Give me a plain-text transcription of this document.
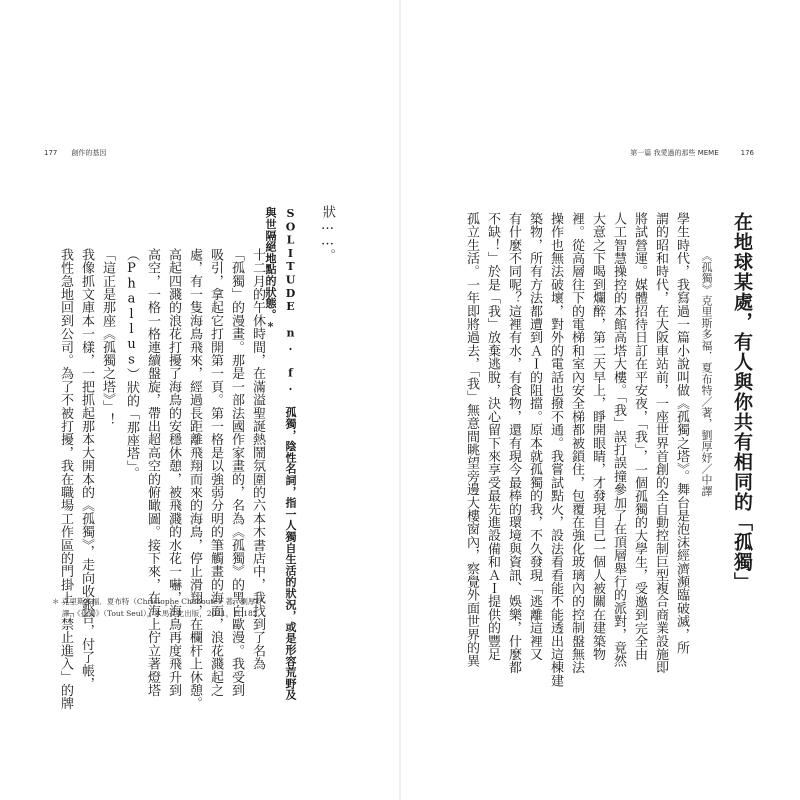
177 創作的基因
狀……。
SOLITUDE n. f. 孤獨，陰性名詞，指一人獨自生活的狀況，或是形容荒野及
與世隔絕地點的狀態。*
十二月的午休時間，在滿溢聖誕熱鬧氛圍的六本木書店中，我找到了名為
「孤獨」的漫畫。那是一部法國作家畫的，名為《孤獨》的黑白歐漫。我受到
吸引，拿起它打開第一頁。第一格是以強弱分明的筆觸畫的海面，浪花濺起之
處，有一隻海鳥飛來，經過長距離飛翔而來的海鳥，停止滑翔，在欄杆上休憩。
高起四濺的浪花打擾了海鳥的安穩休憩，被飛濺的水花一嚇，海鳥再度飛升到
高空，一格一格連續盤旋，帶出超高空的俯瞰圖。接下來，在海上佇立著燈塔
（Phallus）狀的「那座塔」。
「這正是那座《孤獨之塔》」！
我像抓文庫本一樣，一把抓起那本大開本的《孤獨》，走向收銀台，付了帳，
我性急地回到公司。為了不被打擾，我在職場工作區的門掛上「禁止進入」的牌
＊ 克里斯多福．夏布特（Christophe Chabouté）著，劉厚妤
譯，《孤獨》（Tout Seul），木馬文化出版，2021，頁 182。
第一篇 我愛過的那些 MEME	176
在地球某處，有人與你共有相同的「孤獨」
《孤獨》克里斯多福．夏布特／著，劉厚妤／中譯
學生時代，我寫過一篇小說叫做《孤獨之塔》。舞台是泡沫經濟瀕臨破滅，所
謂的昭和時代，在大阪車站前，一座世界首創的全自動控制巨型複合商業設施即
將試營運。媒體招待日訂在平安夜，「我」，一個孤獨的大學生，受邀到完全由
人工智慧操控的本館高塔大樓。「我」誤打誤撞參加了在頂層舉行的派對，竟然
大意之下喝到爛醉，第二天早上，睜開眼睛，才發現自己一個人被關在建築物
裡。從高層往下的電梯和室內安全梯都被鎖住，包覆在強化玻璃內的控制盤無法
操作也無法破壞，對外的電話也撥不通。我嘗試點火，設法看看能不能透出這棟建
築物，所有方法都遭到ＡＩ的阻擋。原本就孤獨的我，不久發現「逃離這裡又
有什麼不同呢？這裡有水，有食物，還有現今最棒的環境與資訊、娛樂，什麼都
不缺！」於是「我」放棄逃脫，決心留下來享受最先進設備和ＡＩ提供的豐足
孤立生活。一年即將過去，「我」無意間眺望旁邊大樓窗內，察覺外面世界的異
